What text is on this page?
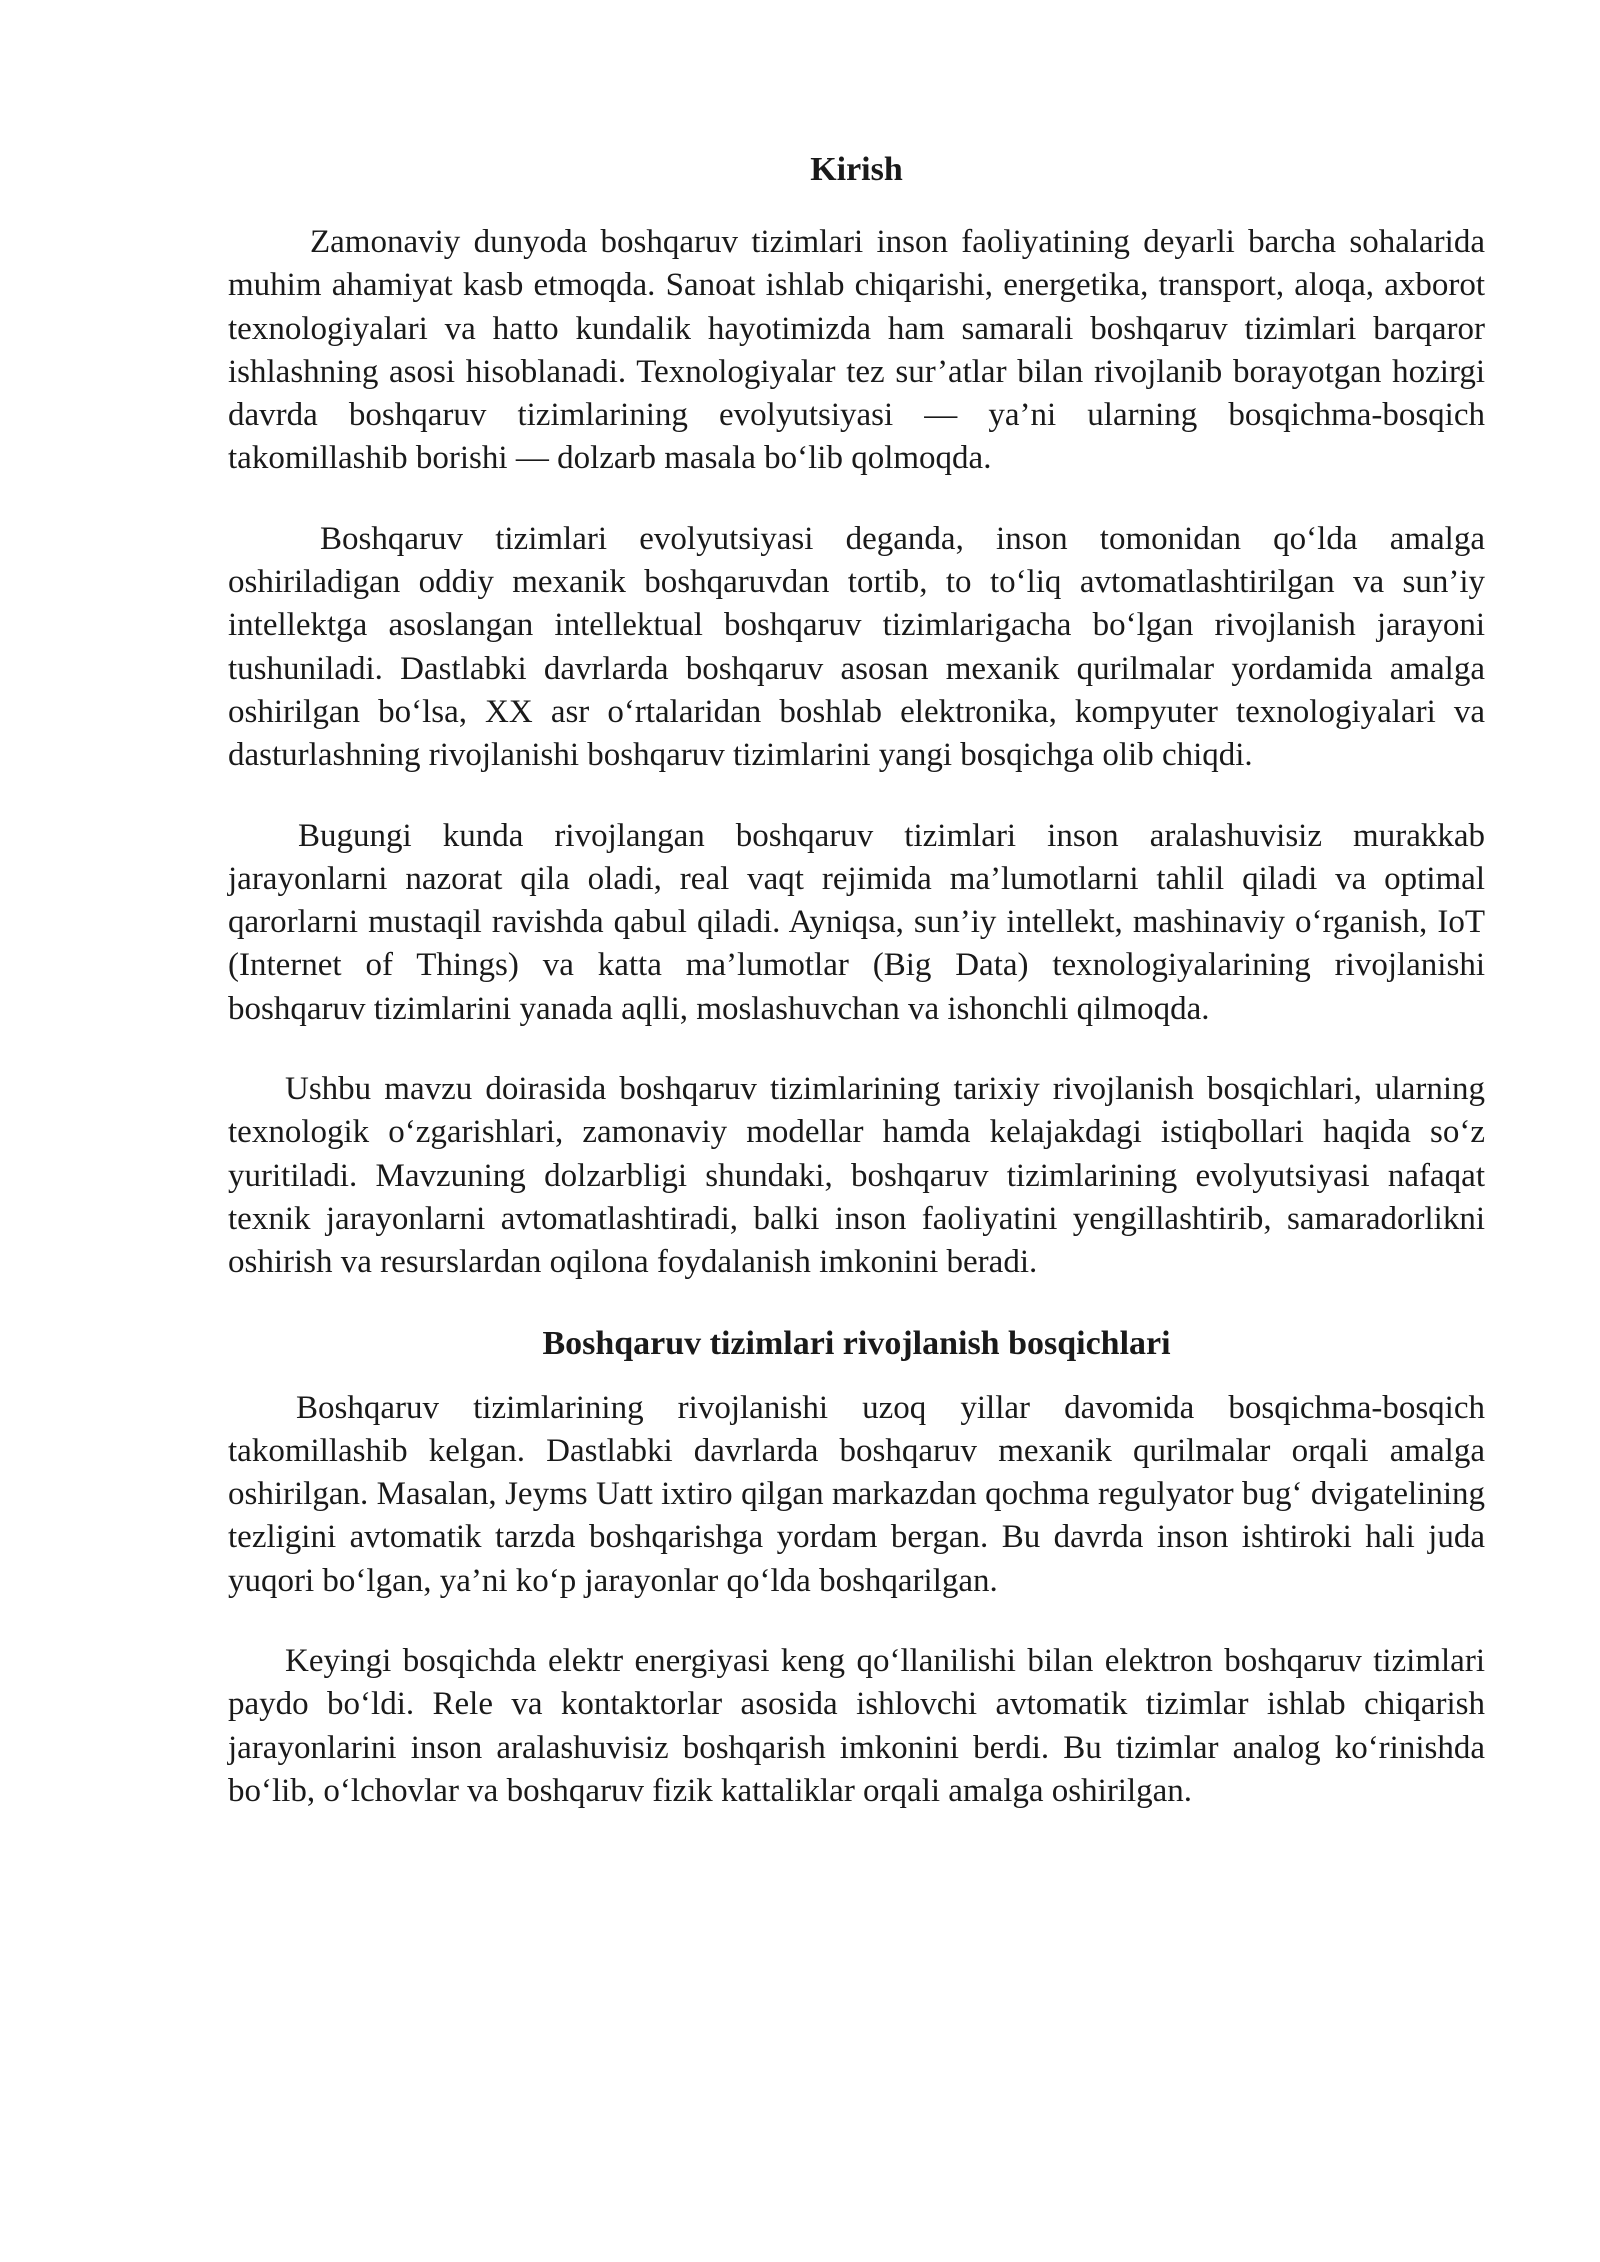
Kirish

Zamonaviy dunyoda boshqaruv tizimlari inson faoliyatining deyarli barcha sohalarida muhim ahamiyat kasb etmoqda. Sanoat ishlab chiqarishi, energetika, transport, aloqa, axborot texnologiyalari va hatto kundalik hayotimizda ham samarali boshqaruv tizimlari barqaror ishlashning asosi hisoblanadi. Texnologiyalar tez sur’atlar bilan rivojlanib borayotgan hozirgi davrda boshqaruv tizimlarining evolyutsiyasi — ya’ni ularning bosqichma-bosqich takomillashib borishi — dolzarb masala bo‘lib qolmoqda.

Boshqaruv tizimlari evolyutsiyasi deganda, inson tomonidan qo‘lda amalga oshiriladigan oddiy mexanik boshqaruvdan tortib, to to‘liq avtomatlashtirilgan va sun’iy intellektga asoslangan intellektual boshqaruv tizimlarigacha bo‘lgan rivojlanish jarayoni tushuniladi. Dastlabki davrlarda boshqaruv asosan mexanik qurilmalar yordamida amalga oshirilgan bo‘lsa, XX asr o‘rtalaridan boshlab elektronika, kompyuter texnologiyalari va dasturlashning rivojlanishi boshqaruv tizimlarini yangi bosqichga olib chiqdi.

Bugungi kunda rivojlangan boshqaruv tizimlari inson aralashuvisiz murakkab jarayonlarni nazorat qila oladi, real vaqt rejimida ma’lumotlarni tahlil qiladi va optimal qarorlarni mustaqil ravishda qabul qiladi. Ayniqsa, sun’iy intellekt, mashinaviy o‘rganish, IoT (Internet of Things) va katta ma’lumotlar (Big Data) texnologiyalarining rivojlanishi boshqaruv tizimlarini yanada aqlli, moslashuvchan va ishonchli qilmoqda.

Ushbu mavzu doirasida boshqaruv tizimlarining tarixiy rivojlanish bosqichlari, ularning texnologik o‘zgarishlari, zamonaviy modellar hamda kelajakdagi istiqbollari haqida so‘z yuritiladi. Mavzuning dolzarbligi shundaki, boshqaruv tizimlarining evolyutsiyasi nafaqat texnik jarayonlarni avtomatlashtiradi, balki inson faoliyatini yengillashtirib, samaradorlikni oshirish va resurslardan oqilona foydalanish imkonini beradi.

Boshqaruv tizimlari rivojlanish bosqichlari

Boshqaruv tizimlarining rivojlanishi uzoq yillar davomida bosqichma-bosqich takomillashib kelgan. Dastlabki davrlarda boshqaruv mexanik qurilmalar orqali amalga oshirilgan. Masalan, Jeyms Uatt ixtiro qilgan markazdan qochma regulyator bug‘ dvigatelining tezligini avtomatik tarzda boshqarishga yordam bergan. Bu davrda inson ishtiroki hali juda yuqori bo‘lgan, ya’ni ko‘p jarayonlar qo‘lda boshqarilgan.

Keyingi bosqichda elektr energiyasi keng qo‘llanilishi bilan elektron boshqaruv tizimlari paydo bo‘ldi. Rele va kontaktorlar asosida ishlovchi avtomatik tizimlar ishlab chiqarish jarayonlarini inson aralashuvisiz boshqarish imkonini berdi. Bu tizimlar analog ko‘rinishda bo‘lib, o‘lchovlar va boshqaruv fizik kattaliklar orqali amalga oshirilgan.
